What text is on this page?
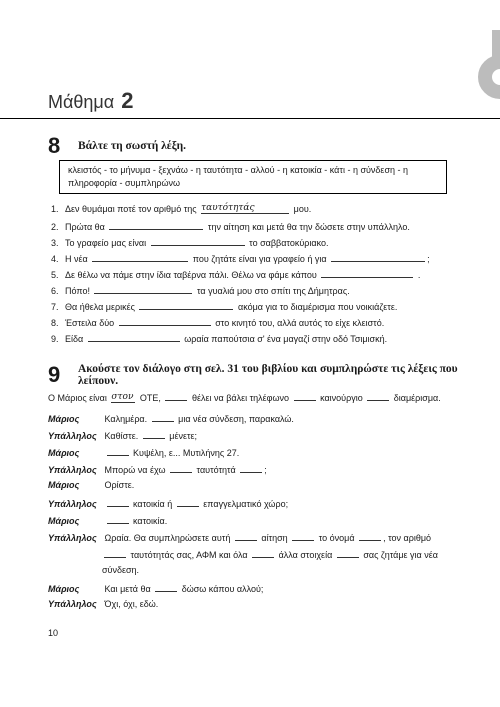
Μάθημα 2
8	Βάλτε τη σωστή λέξη.
κλειστός - το μήνυμα - ξεχνάω - η ταυτότητα - αλλού - η κατοικία - κάτι - η σύνδεση - η πληροφορία - συμπληρώνω
1. Δεν θυμάμαι ποτέ τον αριθμό της ταυτότητάς	μου.
2. Πρώτα θα	την αίτηση και μετά θα την δώσετε στην υπάλληλο.
3. Το γραφείο μας είναι	το σαββατοκύριακο.
4. Η νέα	που ζητάτε είναι για γραφείο ή για	;
5. Δε θέλω να πάμε στην ίδια ταβέρνα πάλι. Θέλω να φάμε κάπου	.
6. Πόπο!	τα γυαλιά μου στο σπίτι της Δήμητρας.
7. Θα ήθελα μερικές	ακόμα για το διαμέρισμα που νοικιάζετε.
8. Έστειλα δύο	στο κινητό του, αλλά αυτός το είχε κλειστό.
9. Είδα	ωραία παπούτσια σ' ένα μαγαζί στην οδό Τσιμισκή.
9	Ακούστε τον διάλογο στη σελ. 31 του βιβλίου και συμπληρώστε τις λέξεις που λείπουν.
Ο Μάριος είναι στον ΟΤΕ,	θέλει να βάλει τηλέφωνο	καινούργιο	διαμέρισμα.
Μάριος	Καλημέρα.	μια νέα σύνδεση, παρακαλώ.
Υπάλληλος Καθίστε.	μένετε;
Μάριος	Κυψέλη, ε... Μυτιλήνης 27.
Υπάλληλος Μπορώ να έχω	ταυτότητά	;
Μάριος	Ορίστε.
Υπάλληλος	κατοικία ή	επαγγελματικό χώρο;
Μάριος	κατοικία.
Υπάλληλος Ωραία. Θα συμπληρώσετε αυτή	αίτηση	το όνομά	, τον αριθμό
ταυτότητάς σας, ΑΦΜ και όλα	άλλα στοιχεία	σας ζητάμε για νέα
σύνδεση.
Μάριος	Και μετά θα	δώσω κάπου αλλού;
Υπάλληλος Όχι, όχι, εδώ.
10
